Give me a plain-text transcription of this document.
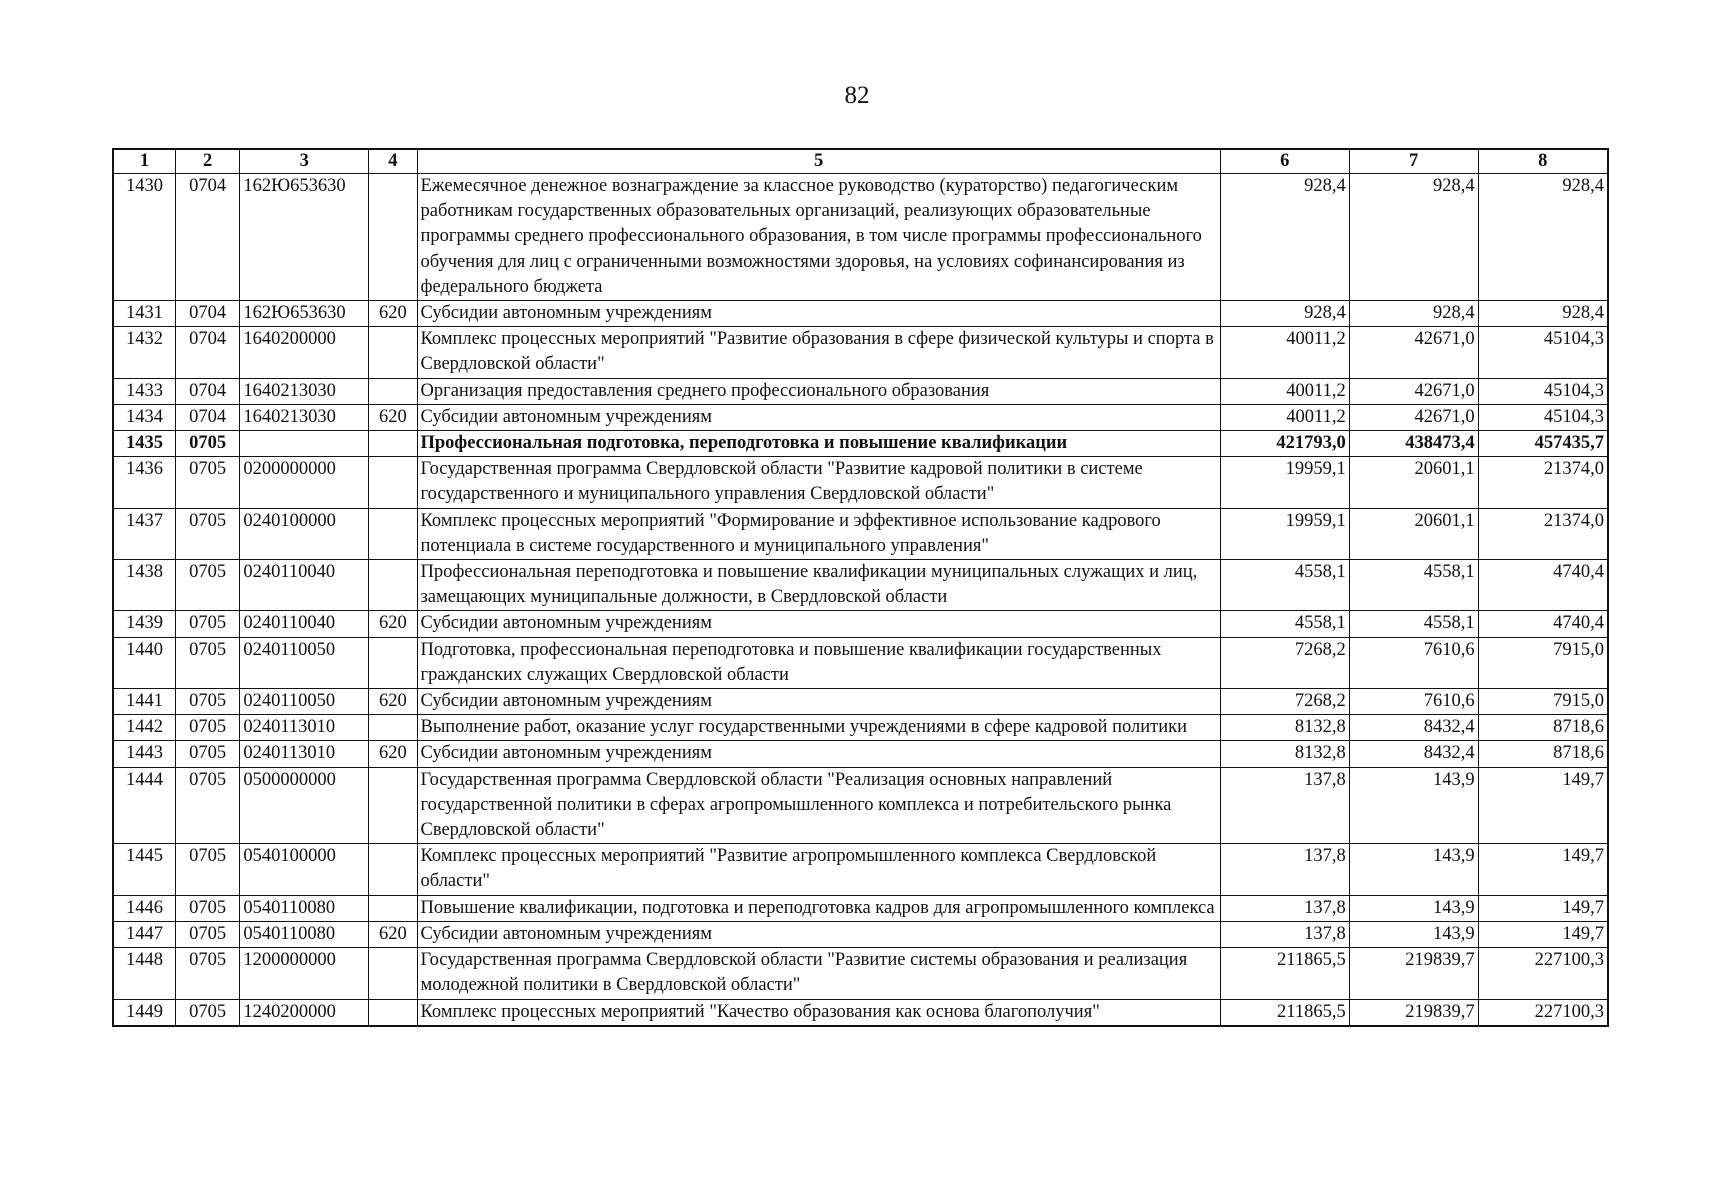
82
1	2	3	4	5	6	7	8
1430	0704	162Ю653630		Ежемесячное денежное вознаграждение за классное руководство (кураторство) педагогическим работникам государственных образовательных организаций, реализующих образовательные программы среднего профессионального образования, в том числе программы профессионального обучения для лиц с ограниченными возможностями здоровья, на условиях софинансирования из федерального бюджета	928,4	928,4	928,4
1431	0704	162Ю653630	620	Субсидии автономным учреждениям	928,4	928,4	928,4
1432	0704	1640200000		Комплекс процессных мероприятий "Развитие образования в сфере физической культуры и спорта в Свердловской области"	40011,2	42671,0	45104,3
1433	0704	1640213030		Организация предоставления среднего профессионального образования	40011,2	42671,0	45104,3
1434	0704	1640213030	620	Субсидии автономным учреждениям	40011,2	42671,0	45104,3
1435	0705			Профессиональная подготовка, переподготовка и повышение квалификации	421793,0	438473,4	457435,7
1436	0705	0200000000		Государственная программа Свердловской области "Развитие кадровой политики в системе государственного и муниципального управления Свердловской области"	19959,1	20601,1	21374,0
1437	0705	0240100000		Комплекс процессных мероприятий "Формирование и эффективное использование кадрового потенциала в системе государственного и муниципального управления"	19959,1	20601,1	21374,0
1438	0705	0240110040		Профессиональная переподготовка и повышение квалификации муниципальных служащих и лиц, замещающих муниципальные должности, в Свердловской области	4558,1	4558,1	4740,4
1439	0705	0240110040	620	Субсидии автономным учреждениям	4558,1	4558,1	4740,4
1440	0705	0240110050		Подготовка, профессиональная переподготовка и повышение квалификации государственных гражданских служащих Свердловской области	7268,2	7610,6	7915,0
1441	0705	0240110050	620	Субсидии автономным учреждениям	7268,2	7610,6	7915,0
1442	0705	0240113010		Выполнение работ, оказание услуг государственными учреждениями в сфере кадровой политики	8132,8	8432,4	8718,6
1443	0705	0240113010	620	Субсидии автономным учреждениям	8132,8	8432,4	8718,6
1444	0705	0500000000		Государственная программа Свердловской области "Реализация основных направлений государственной политики в сферах агропромышленного комплекса и потребительского рынка Свердловской области"	137,8	143,9	149,7
1445	0705	0540100000		Комплекс процессных мероприятий "Развитие агропромышленного комплекса Свердловской области"	137,8	143,9	149,7
1446	0705	0540110080		Повышение квалификации, подготовка и переподготовка кадров для агропромышленного комплекса	137,8	143,9	149,7
1447	0705	0540110080	620	Субсидии автономным учреждениям	137,8	143,9	149,7
1448	0705	1200000000		Государственная программа Свердловской области "Развитие системы образования и реализация молодежной политики в Свердловской области"	211865,5	219839,7	227100,3
1449	0705	1240200000		Комплекс процессных мероприятий "Качество образования как основа благополучия"	211865,5	219839,7	227100,3
